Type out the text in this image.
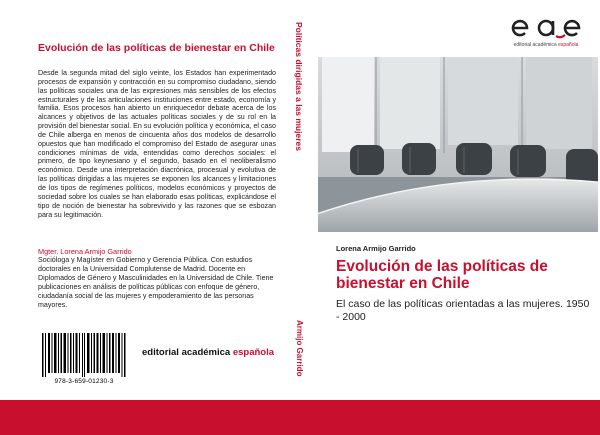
Evolución de las políticas de bienestar en Chile
Desde la segunda mitad del siglo veinte, los Estados han experimentado procesos de expansión y contracción en su compromiso ciudadano, siendo las políticas sociales una de las expresiones más sensibles de los efectos estructurales y de las articulaciones instituciones entre estado, economía y familia. Esos procesos han abierto un enriquecedor debate acerca de los alcances y objetivos de las actuales políticas sociales y de su rol en la provisión del bienestar social. En su evolución política y económica, el caso de Chile alberga en menos de cincuenta años dos modelos de desarrollo opuestos que han modificado el compromiso del Estado de asegurar unas condiciones mínimas de vida, entendidas como derechos sociales: el primero, de tipo keynesiano y el segundo, basado en el neoliberalismo económico. Desde una interpretación diacrónica, procesual y evolutiva de las políticas dirigidas a las mujeres se exponen los alcances y limitaciones de los tipos de regímenes políticos, modelos económicos y proyectos de sociedad sobre los cuales se han elaborado esas políticas, explicándose el tipo de noción de bienestar ha sobrevivido y las razones que se esbozan para su legitimación.
Mgter. Lorena Armijo Garrido
Socióloga y Magíster en Gobierno y Gerencia Pública. Con estudios doctorales en la Universidad Complutense de Madrid. Docente en Diplomados de Género y Masculinidades en la Universidad de Chile. Tiene publicaciones en análisis de políticas públicas con enfoque de género, ciudadanía social de las mujeres y empoderamiento de las personas mayores.
978-3-659-01230-3
editorial académica española
Políticas dirigidas a las mujeres
Armijo Garrido
editorial académica española
Lorena Armijo Garrido
Evolución de las políticas de bienestar en Chile
El caso de las políticas orientadas a las mujeres. 1950 - 2000
